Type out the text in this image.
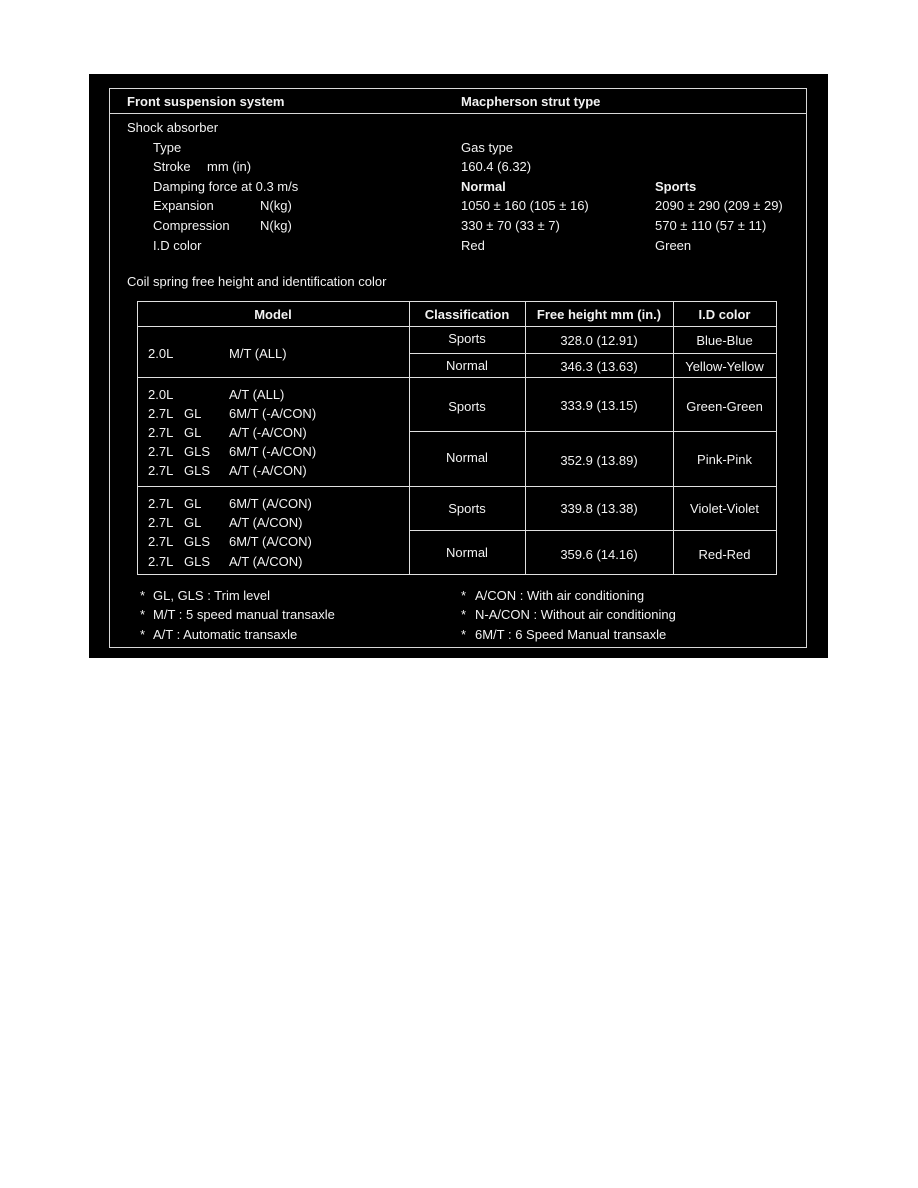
Front suspension system	Macpherson strut type
Shock absorber
Type	Gas type
Stroke mm (in)	160.4 (6.32)
Damping force at 0.3 m/s	Normal	Sports
Expansion	N(kg)	1050 ± 160 (105 ± 16)	2090 ± 290 (209 ± 29)
Compression N(kg)	330 ± 70 (33 ± 7)	570 ± 110 (57 ± 11)
I.D color	Red	Green
Coil spring free height and identification color
Model	Classification	Free height mm (in.)	I.D color
2.0L	M/T (ALL)
Sports	328.0 (12.91)	Blue-Blue
Normal	346.3 (13.63)	Yellow-Yellow
2.0L	A/T (ALL)
2.7L GL 6M/T (-A/CON)
2.7L GL A/T (-A/CON)
2.7L GLS 6M/T (-A/CON)
2.7L GLS A/T (-A/CON)
Sports	333.9 (13.15)	Green-Green
Normal	352.9 (13.89)	Pink-Pink
2.7L GL 6M/T (A/CON)
2.7L GL A/T (A/CON)
2.7L GLS 6M/T (A/CON)
2.7L GLS A/T (A/CON)
Sports	339.8 (13.38)	Violet-Violet
Normal	359.6 (14.16)	Red-Red
* GL, GLS : Trim level
* M/T : 5 speed manual transaxle
* A/T : Automatic transaxle
* A/CON : With air conditioning
* N-A/CON : Without air conditioning
* 6M/T : 6 Speed Manual transaxle
